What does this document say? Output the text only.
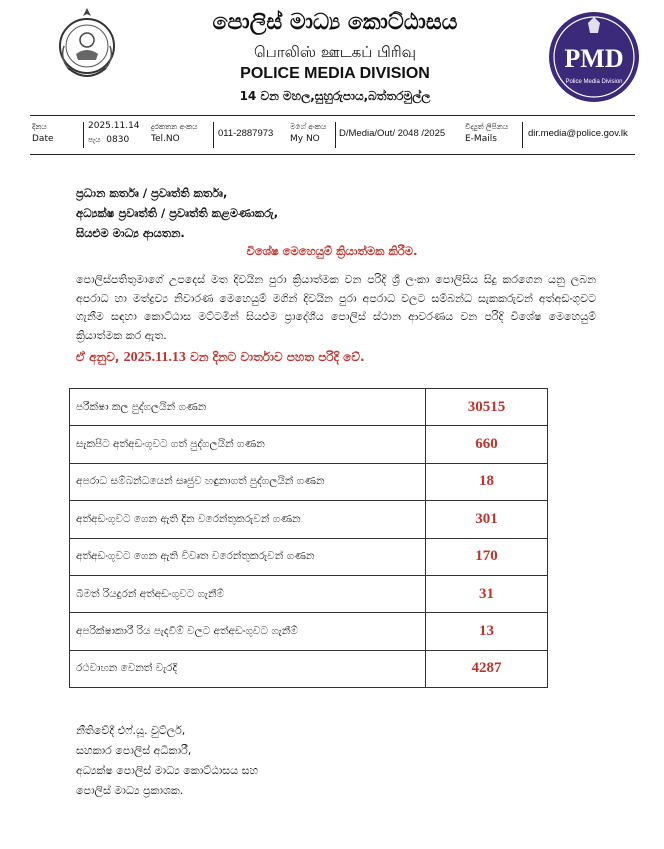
පොලිස් මාධ්‍ය කොට්ඨාසය
பொலிஸ் ஊடகப் பிரிவு
POLICE MEDIA DIVISION
14 වන මහල,සුහුරුපාය,බත්තරමුල්ල
PMD
Police Media Division
දිනය
Date
2025.11.14
පැය 0830
දුරකතන අංකය
Tel.NO	011-2887973
මගේ අංකය
My NO	D/Media/Out/ 2048 /2025
විද්‍යුත් ලිපිනය
E-Mails	dir.media@police.gov.lk
ප්‍රධාන කර්තෘ / ප්‍රවෘත්ති කර්තෘ,
අධ්‍යක්ෂ ප්‍රවෘත්ති / ප්‍රවෘත්ති කළමණාකරු,
සියළුම මාධ්‍ය ආයතන.
විශේෂ මෙහෙයුම් ක්‍රියාත්මක කිරීම.
පොලිස්පතිතුමාගේ උපදෙස් මත දිවයින පුරා ක්‍රියාත්මක වන පරිදි ශ්‍රී ලංකා පොලිසිය සිදු කරගෙන යනු ලබන අපරාධ හා මත්ද්‍රව්‍ය නිවාරණ මෙහෙයුම් මගින් දිවයින පුරා අපරාධ වලට සම්බන්ධ සැකකරුවන් අත්අඩංගුවට ගැනීම සඳහා කොට්ඨාස මට්ටමින් සියළුම ප්‍රාදේශීය පොලිස් ස්ථාන ආවරණය වන පරිදි විශේෂ මෙහෙයුම් ක්‍රියාත්මක කර ඇත.
ඒ අනුව, 2025.11.13 වන දිනට වාර්තාව පහත පරිදි වේ.
පරීක්ෂා කල පුද්ගලයින් ගණන	30515
සැකපිට අත්අඩංගුවට ගත් පුද්ගලයින් ගණන	660
අපරාධ සම්බන්ධයෙන් සෘජුව හඳුනාගත් පුද්ගලයින් ගණන	18
අත්අඩංගුවට ගෙන ඇති දින වරෙන්තුකරුවන් ගණන	301
අත්අඩංගුවට ගෙන ඇති විවෘත වරෙන්තුකරුවන් ගණන	170
බීමත් රියදුරන් අත්අඩංගුවට ගැනීම්	31
අපරික්ෂාකාරී රිය පැදවීම් වලට අත්අඩංගුවට ගැනීම්	13
රථවාහන වෙනත් වැරදි	4287
නීතිවේදී එෆ්.යූ. වුට්ලර්,
සහකාර පොලිස් අධිකාරී,
අධ්‍යක්ෂ පොලිස් මාධ්‍ය කොට්ඨාසය සහ
පොලිස් මාධ්‍ය ප්‍රකාශක.
